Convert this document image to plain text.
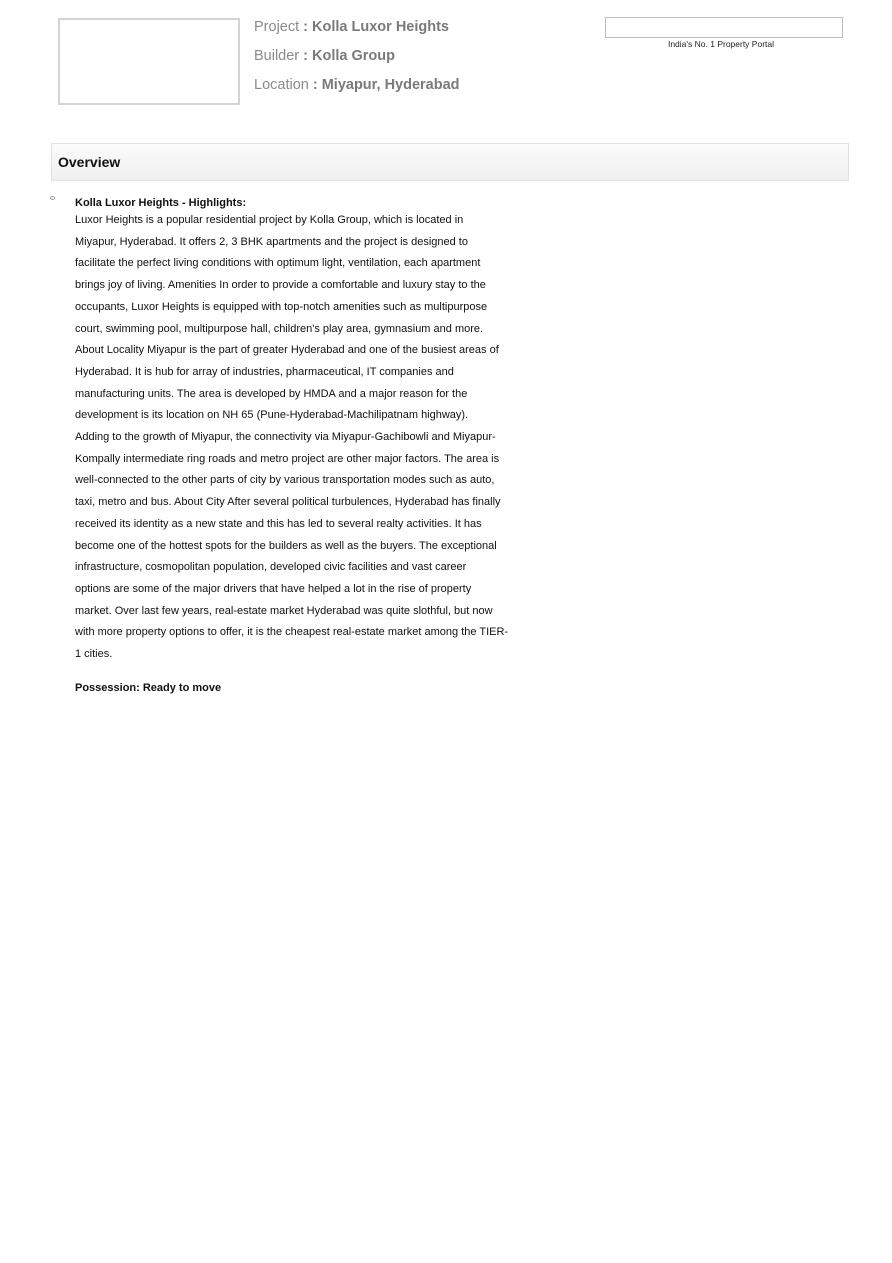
Project : Kolla Luxor Heights
Builder : Kolla Group
Location : Miyapur, Hyderabad
India's No. 1 Property Portal
Overview
Kolla Luxor Heights - Highlights:
Luxor Heights is a popular residential project by Kolla Group, which is located in
Miyapur, Hyderabad. It offers 2, 3 BHK apartments and the project is designed to
facilitate the perfect living conditions with optimum light, ventilation, each apartment
brings joy of living. Amenities In order to provide a comfortable and luxury stay to the
occupants, Luxor Heights is equipped with top-notch amenities such as multipurpose
court, swimming pool, multipurpose hall, children's play area, gymnasium and more.
About Locality Miyapur is the part of greater Hyderabad and one of the busiest areas of
Hyderabad. It is hub for array of industries, pharmaceutical, IT companies and
manufacturing units. The area is developed by HMDA and a major reason for the
development is its location on NH 65 (Pune-Hyderabad-Machilipatnam highway).
Adding to the growth of Miyapur, the connectivity via Miyapur-Gachibowli and Miyapur-
Kompally intermediate ring roads and metro project are other major factors. The area is
well-connected to the other parts of city by various transportation modes such as auto,
taxi, metro and bus. About City After several political turbulences, Hyderabad has finally
received its identity as a new state and this has led to several realty activities. It has
become one of the hottest spots for the builders as well as the buyers. The exceptional
infrastructure, cosmopolitan population, developed civic facilities and vast career
options are some of the major drivers that have helped a lot in the rise of property
market. Over last few years, real-estate market Hyderabad was quite slothful, but now
with more property options to offer, it is the cheapest real-estate market among the TIER-
1 cities.
Possession: Ready to move
